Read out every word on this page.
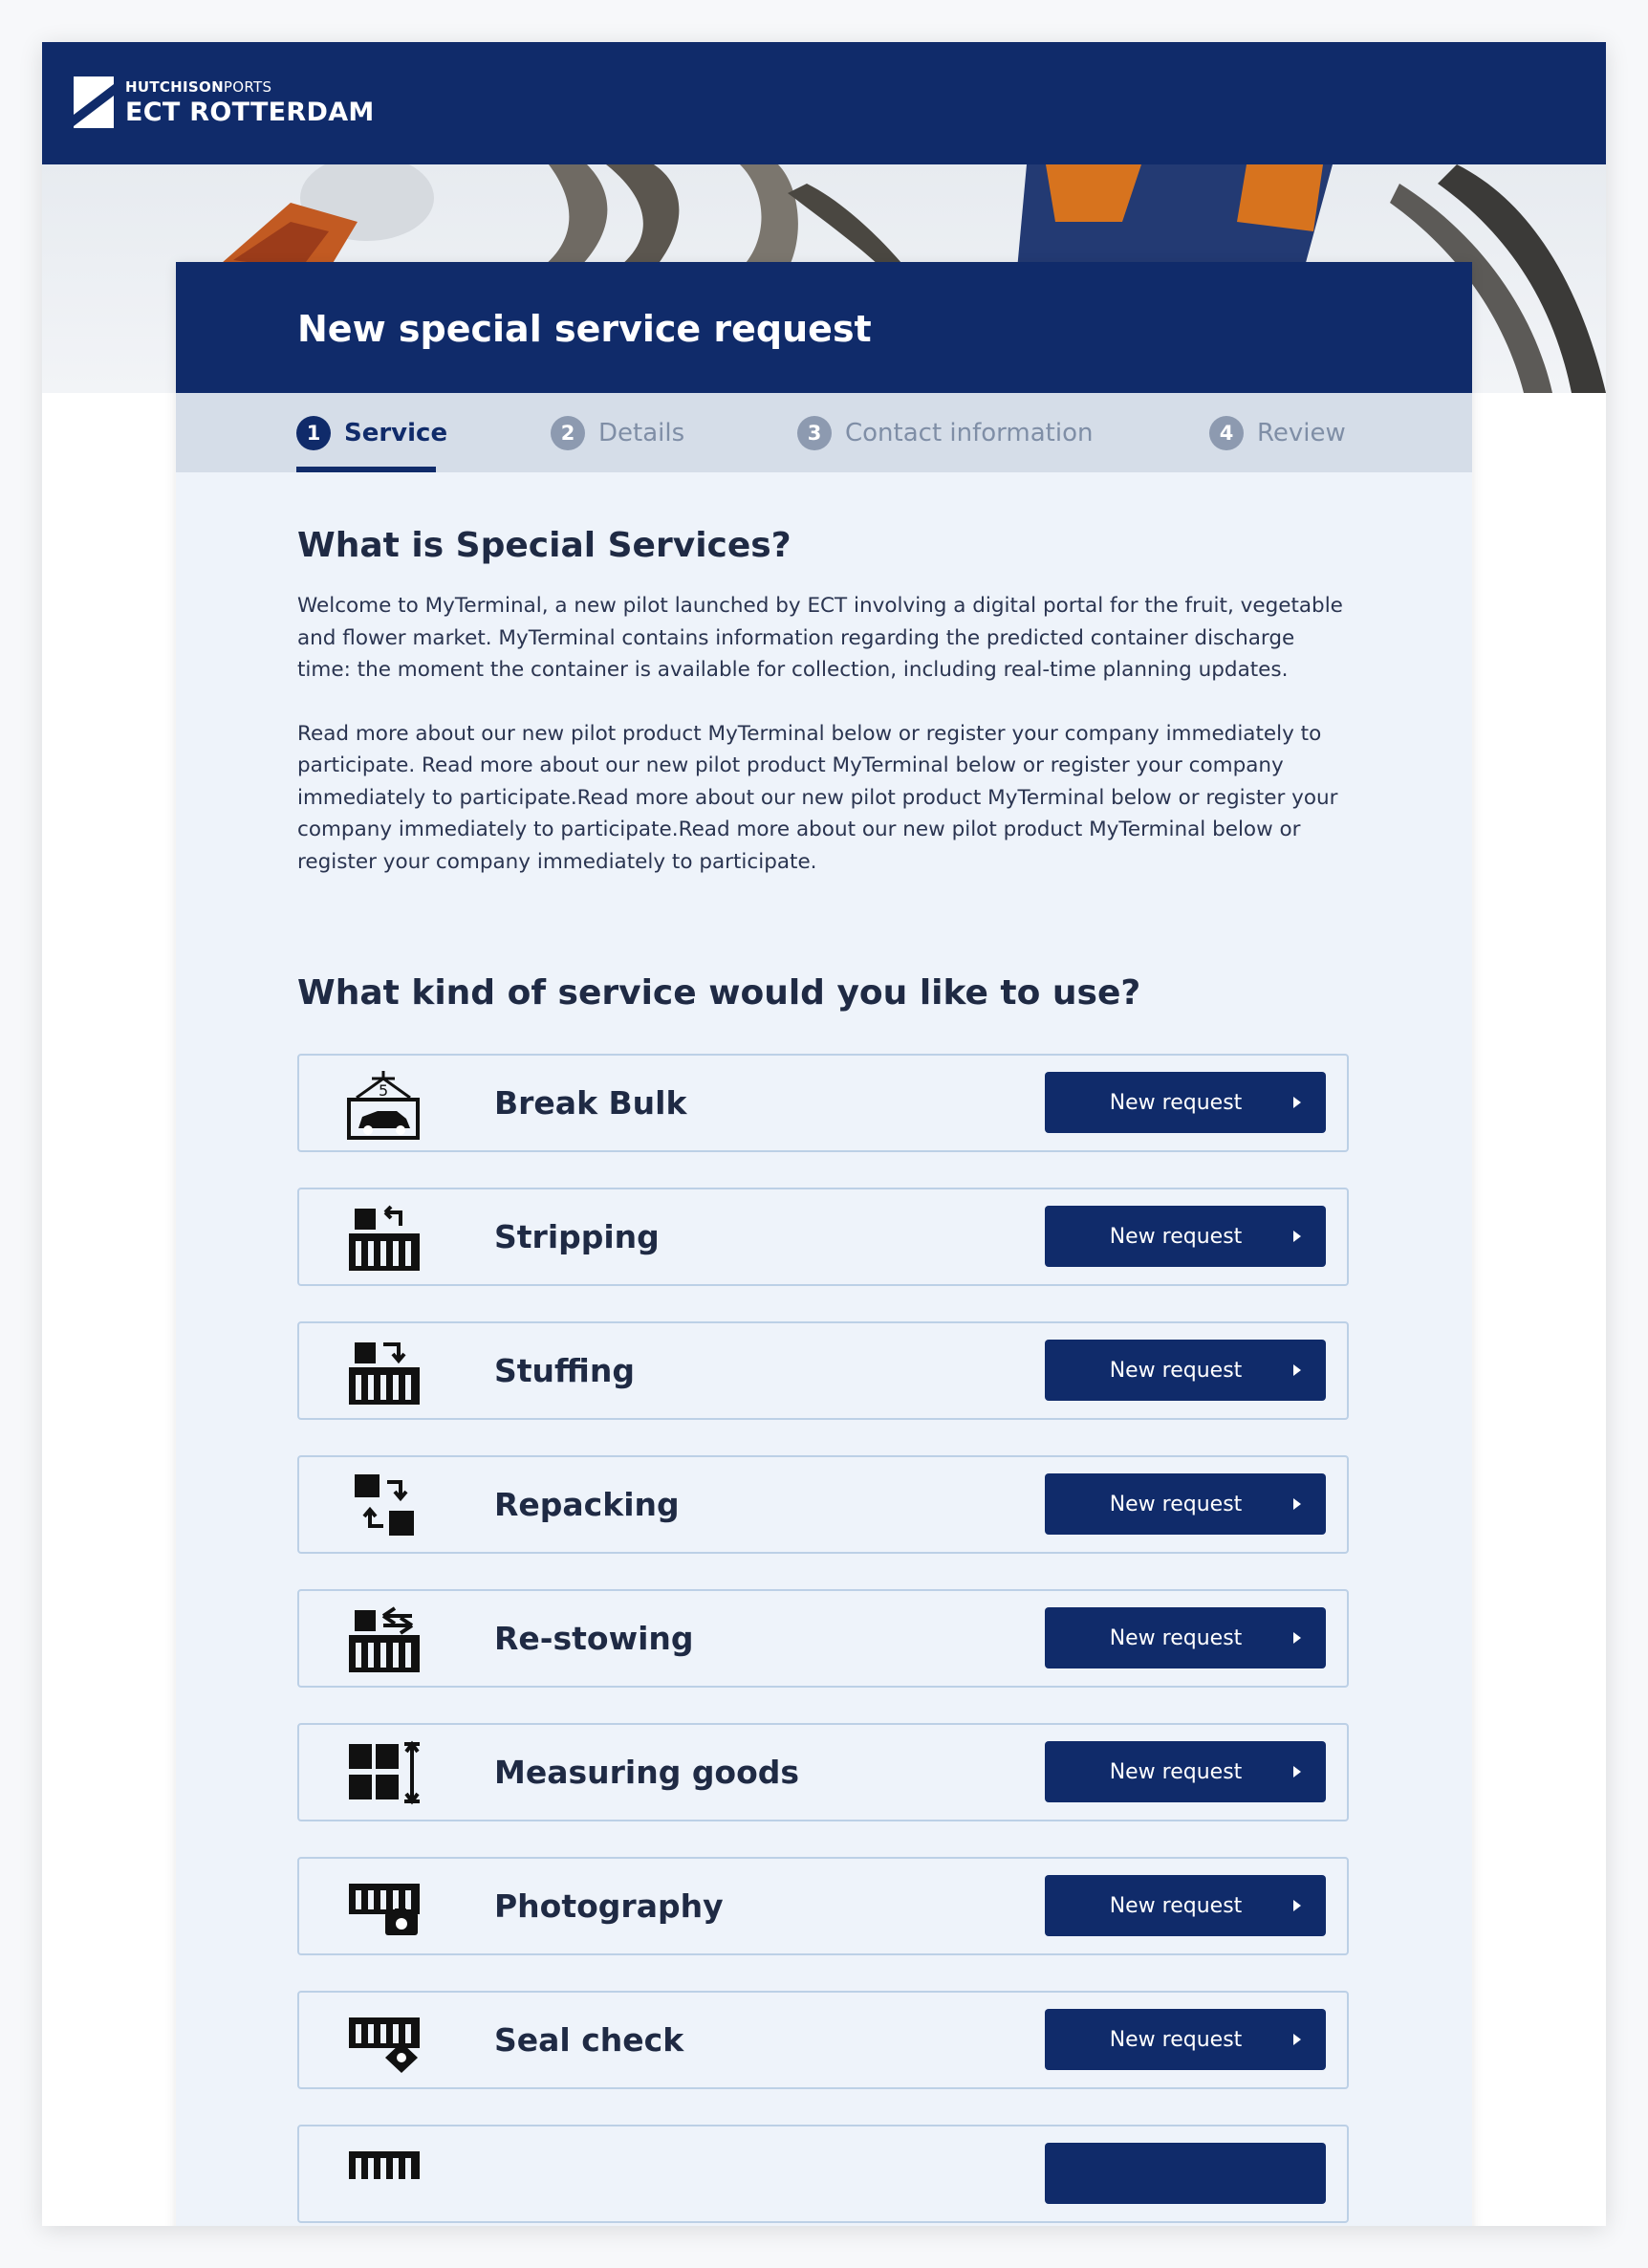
HUTCHISONPORTS
ECT ROTTERDAM
New special service request
1 Service	2 Details	3 Contact information	4 Review
What is Special Services?

Welcome to MyTerminal, a new pilot launched by ECT involving a digital portal for the fruit, vegetable and flower market. MyTerminal contains information regarding the predicted container discharge time: the moment the container is available for collection, including real-time planning updates.

Read more about our new pilot product MyTerminal below or register your company immediately to participate. Read more about our new pilot product MyTerminal below or register your company immediately to participate.Read more about our new pilot product MyTerminal below or register your company immediately to participate.Read more about our new pilot product MyTerminal below or register your company immediately to participate.

What kind of service would you like to use?
5	Break Bulk	New request
Stripping	New request
Stuffing	New request
Repacking	New request
Re-stowing	New request
Measuring goods	New request
Photography	New request
Seal check	New request
